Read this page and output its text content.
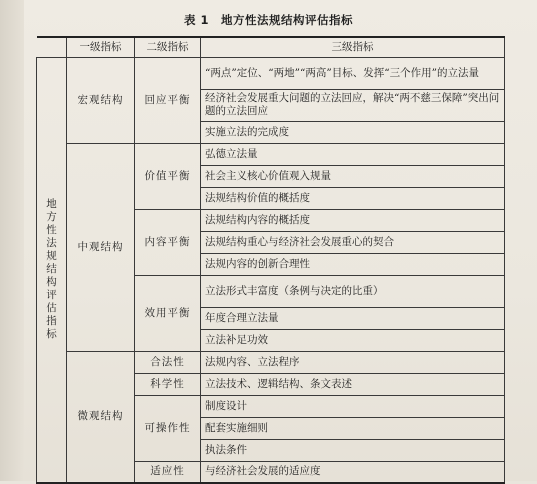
表 1 地方性法规结构评估指标
	一级指标	二级指标	三级指标

地方性法规结构评估指标	宏观结构	回应平衡	“两点”定位、“两地”“两高”目标、发挥“三个作用”的立法量
			经济社会发展重大问题的立法回应，解决“两不慈三保障”突出问题的立法回应
			实施立法的完成度
	中观结构	价值平衡	弘德立法量
			社会主义核心价值观入规量
			法规结构价值的概括度
		内容平衡	法规结构内容的概括度
			法规结构重心与经济社会发展重心的契合
			法规内容的创新合理性
		效用平衡	立法形式丰富度（条例与决定的比重）
			年度合理立法量
			立法补足功效
	微观结构	合法性	法规内容、立法程序
		科学性	立法技术、逻辑结构、条文表述
		可操作性	制度设计
			配套实施细则
			执法条件
		适应性	与经济社会发展的适应度
